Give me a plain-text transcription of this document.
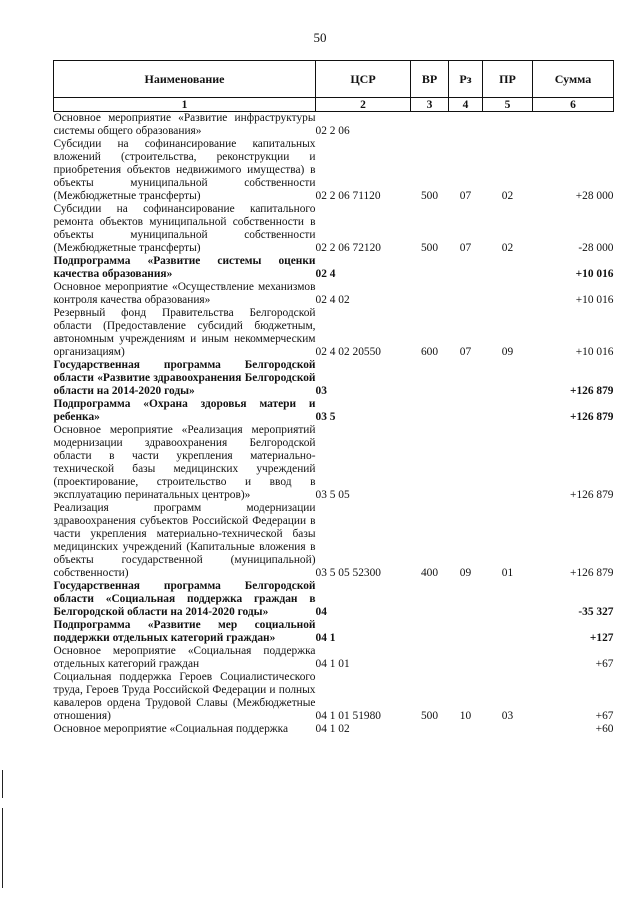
50
Наименование	ЦСР	ВР	Рз	ПР	Сумма
1	2	3	4	5	6
Основное мероприятие «Развитие инфраструктуры системы общего образования»	02 2 06				
Субсидии на софинансирование капитальных вложений (строительства, реконструкции и приобретения объектов недвижимого имущества) в объекты муниципальной собственности (Межбюджетные трансферты)	02 2 06 71120	500	07	02	+28 000
Субсидии на софинансирование капитального ремонта объектов муниципальной собственности в объекты муниципальной собственности (Межбюджетные трансферты)	02 2 06 72120	500	07	02	-28 000
Подпрограмма «Развитие системы оценки качества образования»	02 4				+10 016
Основное мероприятие «Осуществление механизмов контроля качества образования»	02 4 02				+10 016
Резервный фонд Правительства Белгородской области (Предоставление субсидий бюджетным, автономным учреждениям и иным некоммерческим организациям)	02 4 02 20550	600	07	09	+10 016
Государственная программа Белгородской области «Развитие здравоохранения Белгородской области на 2014-2020 годы»	03				+126 879
Подпрограмма «Охрана здоровья матери и ребенка»	03 5				+126 879
Основное мероприятие «Реализация мероприятий модернизации здравоохранения Белгородской области в части укрепления материально-технической базы медицинских учреждений (проектирование, строительство и ввод в эксплуатацию перинатальных центров)»	03 5 05				+126 879
Реализация программ модернизации здравоохранения субъектов Российской Федерации в части укрепления материально-технической базы медицинских учреждений (Капитальные вложения в объекты государственной (муниципальной) собственности)	03 5 05 52300	400	09	01	+126 879
Государственная программа Белгородской области «Социальная поддержка граждан в Белгородской области на 2014-2020 годы»	04				-35 327
Подпрограмма «Развитие мер социальной поддержки отдельных категорий граждан»	04 1				+127
Основное мероприятие «Социальная поддержка отдельных категорий граждан	04 1 01				+67
Социальная поддержка Героев Социалистического труда, Героев Труда Российской Федерации и полных кавалеров ордена Трудовой Славы (Межбюджетные отношения)	04 1 01 51980	500	10	03	+67
Основное мероприятие «Социальная поддержка	04 1 02				+60
